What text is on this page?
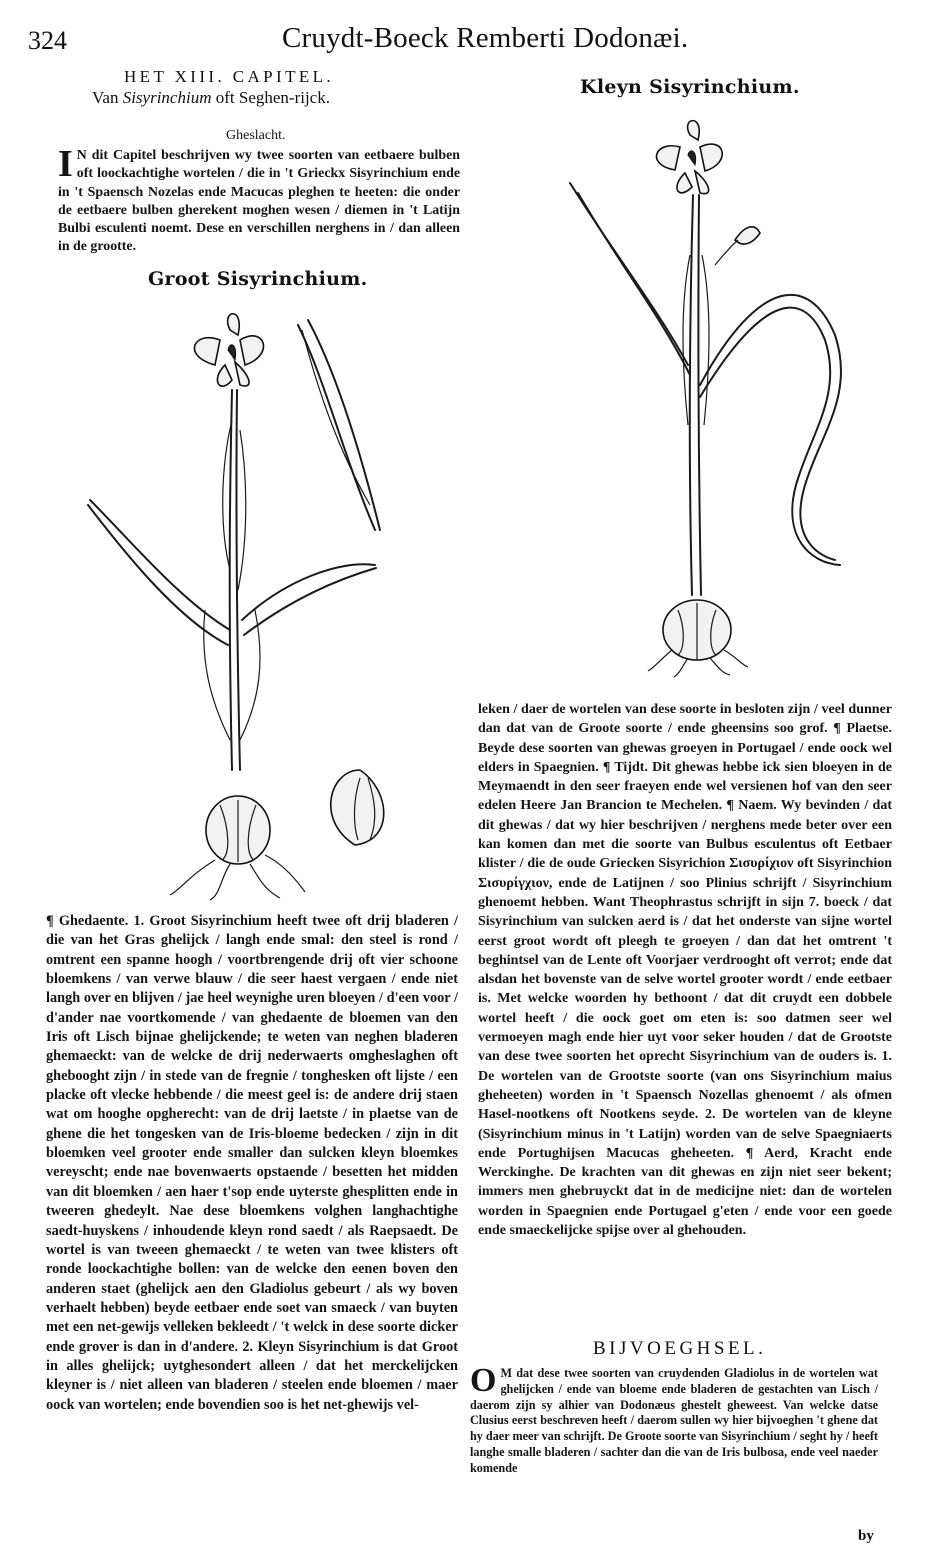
324	Cruydt-Boeck Remberti Dodonæi.
HET XIII. CAPITEL.
Van Sisyrinchium oft Seghen-rijck.
Gheslacht.
I N dit Capitel beschrijven wy twee soorten van eetbaere bulben oft loockachtighe wortelen / die in 't Grieckx Sisyrinchium ende in 't Spaensch Nozelas ende Macucas pleghen te heeten: die onder de eetbaere bulben gherekent moghen wesen / diemen in 't Latijn Bulbi esculenti noemt. Dese en verschillen nerghens in / dan alleen in de grootte.
Groot Sisyrinchium.
Kleyn Sisyrinchium.
¶ Ghedaente. 1. Groot Sisyrinchium heeft twee oft drij bladeren / die van het Gras ghelijck / langh ende smal: den steel is rond / omtrent een spanne hoogh / voortbrengende drij oft vier schoone bloemkens / van verwe blauw / die seer haest vergaen / ende niet langh over en blijven / jae heel weynighe uren bloeyen / d'een voor / d'ander nae voortkomende / van ghedaente de bloemen van den Iris oft Lisch bijnae ghelijckende; te weten van neghen bladeren ghemaeckt: van de welcke de drij nederwaerts omgheslaghen oft ghebooght zijn / in stede van de fregnie / tonghesken oft lijste / een placke oft vlecke hebbende / die meest geel is: de andere drij staen wat om hooghe opgherecht: van de drij laetste / in plaetse van de ghene die het tongesken van de Iris-bloeme bedecken / zijn in dit bloemken veel grooter ende smaller dan sulcken kleyn bloemkes vereyscht; ende nae bovenwaerts opstaende / besetten het midden van dit bloemken / aen haer t'sop ende uyterste ghesplitten ende in tweeren ghedeylt. Nae dese bloemkens volghen langhachtighe saedt-huyskens / inhoudende kleyn rond saedt / als Raepsaedt. De wortel is van tweeen ghemaeckt / te weten van twee klisters oft ronde loockachtighe bollen: van de welcke den eenen boven den anderen staet (ghelijck aen den Gladiolus gebeurt / als wy boven verhaelt hebben) beyde eetbaer ende soet van smaeck / van buyten met een net-gewijs velleken bekleedt / 't welck in dese soorte dicker ende grover is dan in d'andere. 2. Kleyn Sisyrinchium is dat Groot in alles ghelijck; uytghesondert alleen / dat het merckelijcken kleyner is / niet alleen van bladeren / steelen ende bloemen / maer oock van wortelen; ende bovendien soo is het net-ghewijs vel-
leken / daer de wortelen van dese soorte in besloten zijn / veel dunner dan dat van de Groote soorte / ende gheensins soo grof. ¶ Plaetse. Beyde dese soorten van ghewas groeyen in Portugael / ende oock wel elders in Spaegnien. ¶ Tijdt. Dit ghewas hebbe ick sien bloeyen in de Meymaendt in den seer fraeyen ende wel versienen hof van den seer edelen Heere Jan Brancion te Mechelen. ¶ Naem. Wy bevinden / dat dit ghewas / dat wy hier beschrijven / nerghens mede beter over een kan komen dan met die soorte van Bulbus esculentus oft Eetbaer klister / die de oude Griecken Sisyrichion Σισυρίχιον oft Sisyrinchion Σισυρίγχιον, ende de Latijnen / soo Plinius schrijft / Sisyrinchium ghenoemt hebben. Want Theophrastus schrijft in sijn 7. boeck / dat Sisyrinchium van sulcken aerd is / dat het onderste van sijne wortel eerst groot wordt oft pleegh te groeyen / dan dat het omtrent 't beghintsel van de Lente oft Voorjaer verdrooght oft verrot; ende dat alsdan het bovenste van de selve wortel grooter wordt / ende eetbaer is. Met welcke woorden hy bethoont / dat dit cruydt een dobbele wortel heeft / die oock goet om eten is: soo datmen seer wel vermoeyen magh ende hier uyt voor seker houden / dat de Grootste van dese twee soorten het oprecht Sisyrinchium van de ouders is. 1. De wortelen van de Grootste soorte (van ons Sisyrinchium maius gheheeten) worden in 't Spaensch Nozellas ghenoemt / als ofmen Hasel-nootkens oft Nootkens seyde. 2. De wortelen van de kleyne (Sisyrinchium minus in 't Latijn) worden van de selve Spaegniaerts ende Portughijsen Macucas gheheeten. ¶ Aerd, Kracht ende Werckinghe. De krachten van dit ghewas en zijn niet seer bekent; immers men ghebruyckt dat in de medicijne niet: dan de wortelen worden in Spaegnien ende Portugael g'eten / ende voor een goede ende smaeckelijcke spijse over al ghehouden.
BIJVOEGHSEL.
O M dat dese twee soorten van cruydenden Gladiolus in de wortelen wat ghelijcken / ende van bloeme ende bladeren de gestachten van Lisch / daerom zijn sy alhier van Dodonæus ghestelt gheweest. Van welcke datse Clusius eerst beschreven heeft / daerom sullen wy hier bijvoeghen 't ghene dat hy daer meer van schrijft. De Groote soorte van Sisyrinchium / seght hy / heeft langhe smalle bladeren / sachter dan die van de Iris bulbosa, ende veel naeder komende
by
